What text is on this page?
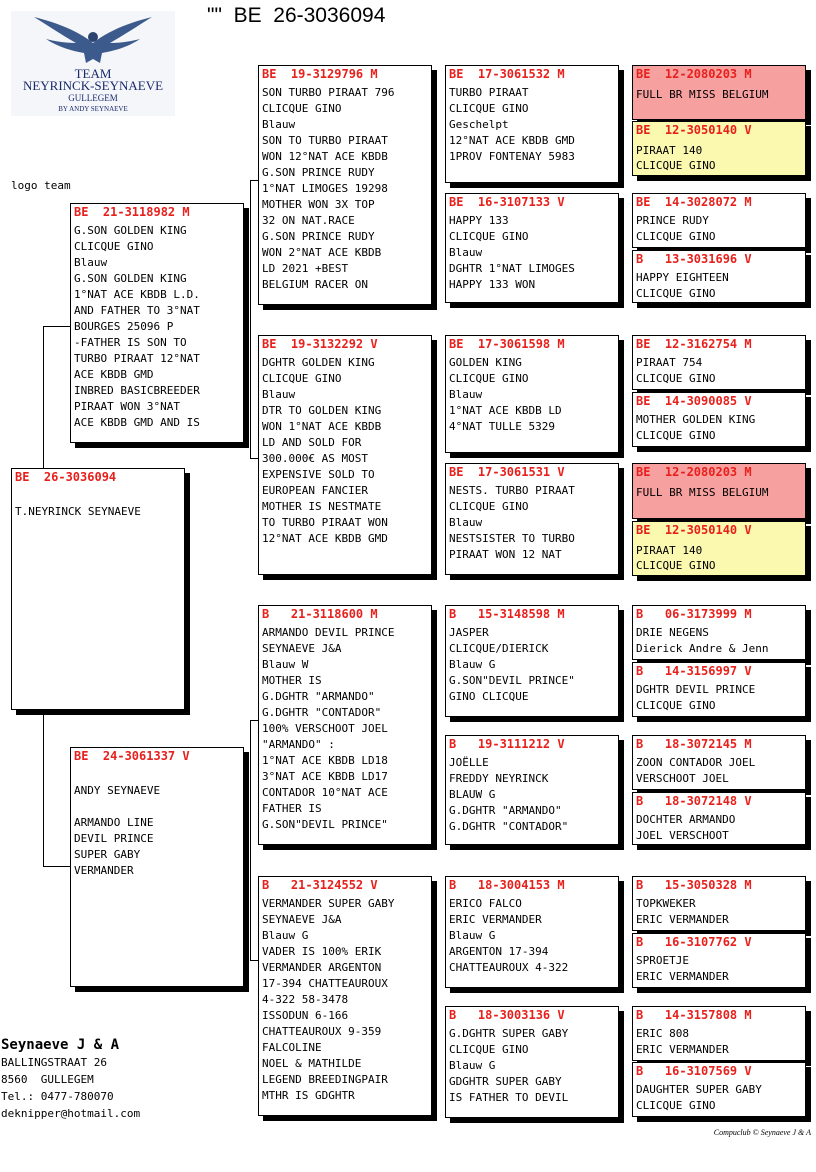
""  BE  26-3036094
TEAM
NEYRINCK-SEYNAEVE
GULLEGEM
BY ANDY SEYNAEVE
logo team
BE  26-3036094

T.NEYRINCK SEYNAEVE
BE  21-3118982 M
G.SON GOLDEN KING
CLICQUE GINO
Blauw
G.SON GOLDEN KING
1°NAT ACE KBDB L.D.
AND FATHER TO 3°NAT
BOURGES 25096 P
-FATHER IS SON TO
TURBO PIRAAT 12°NAT
ACE KBDB GMD
INBRED BASICBREEDER
PIRAAT WON 3°NAT
ACE KBDB GMD AND IS
BE  24-3061337 V

ANDY SEYNAEVE

ARMANDO LINE
DEVIL PRINCE
SUPER GABY
VERMANDER
BE  19-3129796 M
SON TURBO PIRAAT 796
CLICQUE GINO
Blauw
SON TO TURBO PIRAAT
WON 12°NAT ACE KBDB
G.SON PRINCE RUDY
1°NAT LIMOGES 19298
MOTHER WON 3X TOP
32 ON NAT.RACE
G.SON PRINCE RUDY
WON 2°NAT ACE KBDB
LD 2021 +BEST
BELGIUM RACER ON
BE  19-3132292 V
DGHTR GOLDEN KING
CLICQUE GINO
Blauw
DTR TO GOLDEN KING
WON 1°NAT ACE KBDB
LD AND SOLD FOR
300.000€ AS MOST
EXPENSIVE SOLD TO
EUROPEAN FANCIER
MOTHER IS NESTMATE
TO TURBO PIRAAT WON
12°NAT ACE KBDB GMD
B   21-3118600 M
ARMANDO DEVIL PRINCE
SEYNAEVE J&A
Blauw W
MOTHER IS
G.DGHTR "ARMANDO"
G.DGHTR "CONTADOR"
100% VERSCHOOT JOEL
"ARMANDO" :
1°NAT ACE KBDB LD18
3°NAT ACE KBDB LD17
CONTADOR 10°NAT ACE
FATHER IS
G.SON"DEVIL PRINCE"
B   21-3124552 V
VERMANDER SUPER GABY
SEYNAEVE J&A
Blauw G
VADER IS 100% ERIK
VERMANDER ARGENTON
17-394 CHATTEAUROUX
4-322 58-3478
ISSODUN 6-166
CHATTEAUROUX 9-359
FALCOLINE
NOEL & MATHILDE
LEGEND BREEDINGPAIR
MTHR IS GDGHTR
BE  17-3061532 M
TURBO PIRAAT
CLICQUE GINO
Geschelpt
12°NAT ACE KBDB GMD
1PROV FONTENAY 5983
BE  16-3107133 V
HAPPY 133
CLICQUE GINO
Blauw
DGHTR 1°NAT LIMOGES
HAPPY 133 WON
BE  17-3061598 M
GOLDEN KING
CLICQUE GINO
Blauw
1°NAT ACE KBDB LD
4°NAT TULLE 5329
BE  17-3061531 V
NESTS. TURBO PIRAAT
CLICQUE GINO
Blauw
NESTSISTER TO TURBO
PIRAAT WON 12 NAT
B   15-3148598 M
JASPER
CLICQUE/DIERICK
Blauw G
G.SON"DEVIL PRINCE"
GINO CLICQUE
B   19-3111212 V
JOËLLE
FREDDY NEYRINCK
BLAUW G
G.DGHTR "ARMANDO"
G.DGHTR "CONTADOR"
B   18-3004153 M
ERICO FALCO
ERIC VERMANDER
Blauw G
ARGENTON 17-394
CHATTEAUROUX 4-322
B   18-3003136 V
G.DGHTR SUPER GABY
CLICQUE GINO
Blauw G
GDGHTR SUPER GABY
IS FATHER TO DEVIL
BE  12-2080203 M
FULL BR MISS BELGIUM
BE  12-3050140 V
PIRAAT 140
CLICQUE GINO
BE  14-3028072 M
PRINCE RUDY
CLICQUE GINO
B   13-3031696 V
HAPPY EIGHTEEN
CLICQUE GINO
BE  12-3162754 M
PIRAAT 754
CLICQUE GINO
BE  14-3090085 V
MOTHER GOLDEN KING
CLICQUE GINO
BE  12-2080203 M
FULL BR MISS BELGIUM
BE  12-3050140 V
PIRAAT 140
CLICQUE GINO
B   06-3173999 M
DRIE NEGENS
Dierick Andre & Jenn
B   14-3156997 V
DGHTR DEVIL PRINCE
CLICQUE GINO
B   18-3072145 M
ZOON CONTADOR JOEL
VERSCHOOT JOEL
B   18-3072148 V
DOCHTER ARMANDO
JOEL VERSCHOOT
B   15-3050328 M
TOPKWEKER
ERIC VERMANDER
B   16-3107762 V
SPROETJE
ERIC VERMANDER
B   14-3157808 M
ERIC 808
ERIC VERMANDER
B   16-3107569 V
DAUGHTER SUPER GABY
CLICQUE GINO
Seynaeve J & A
BALLINGSTRAAT 26
8560  GULLEGEM
Tel.: 0477-780070
deknipper@hotmail.com
Compuclub © Seynaeve J & A
